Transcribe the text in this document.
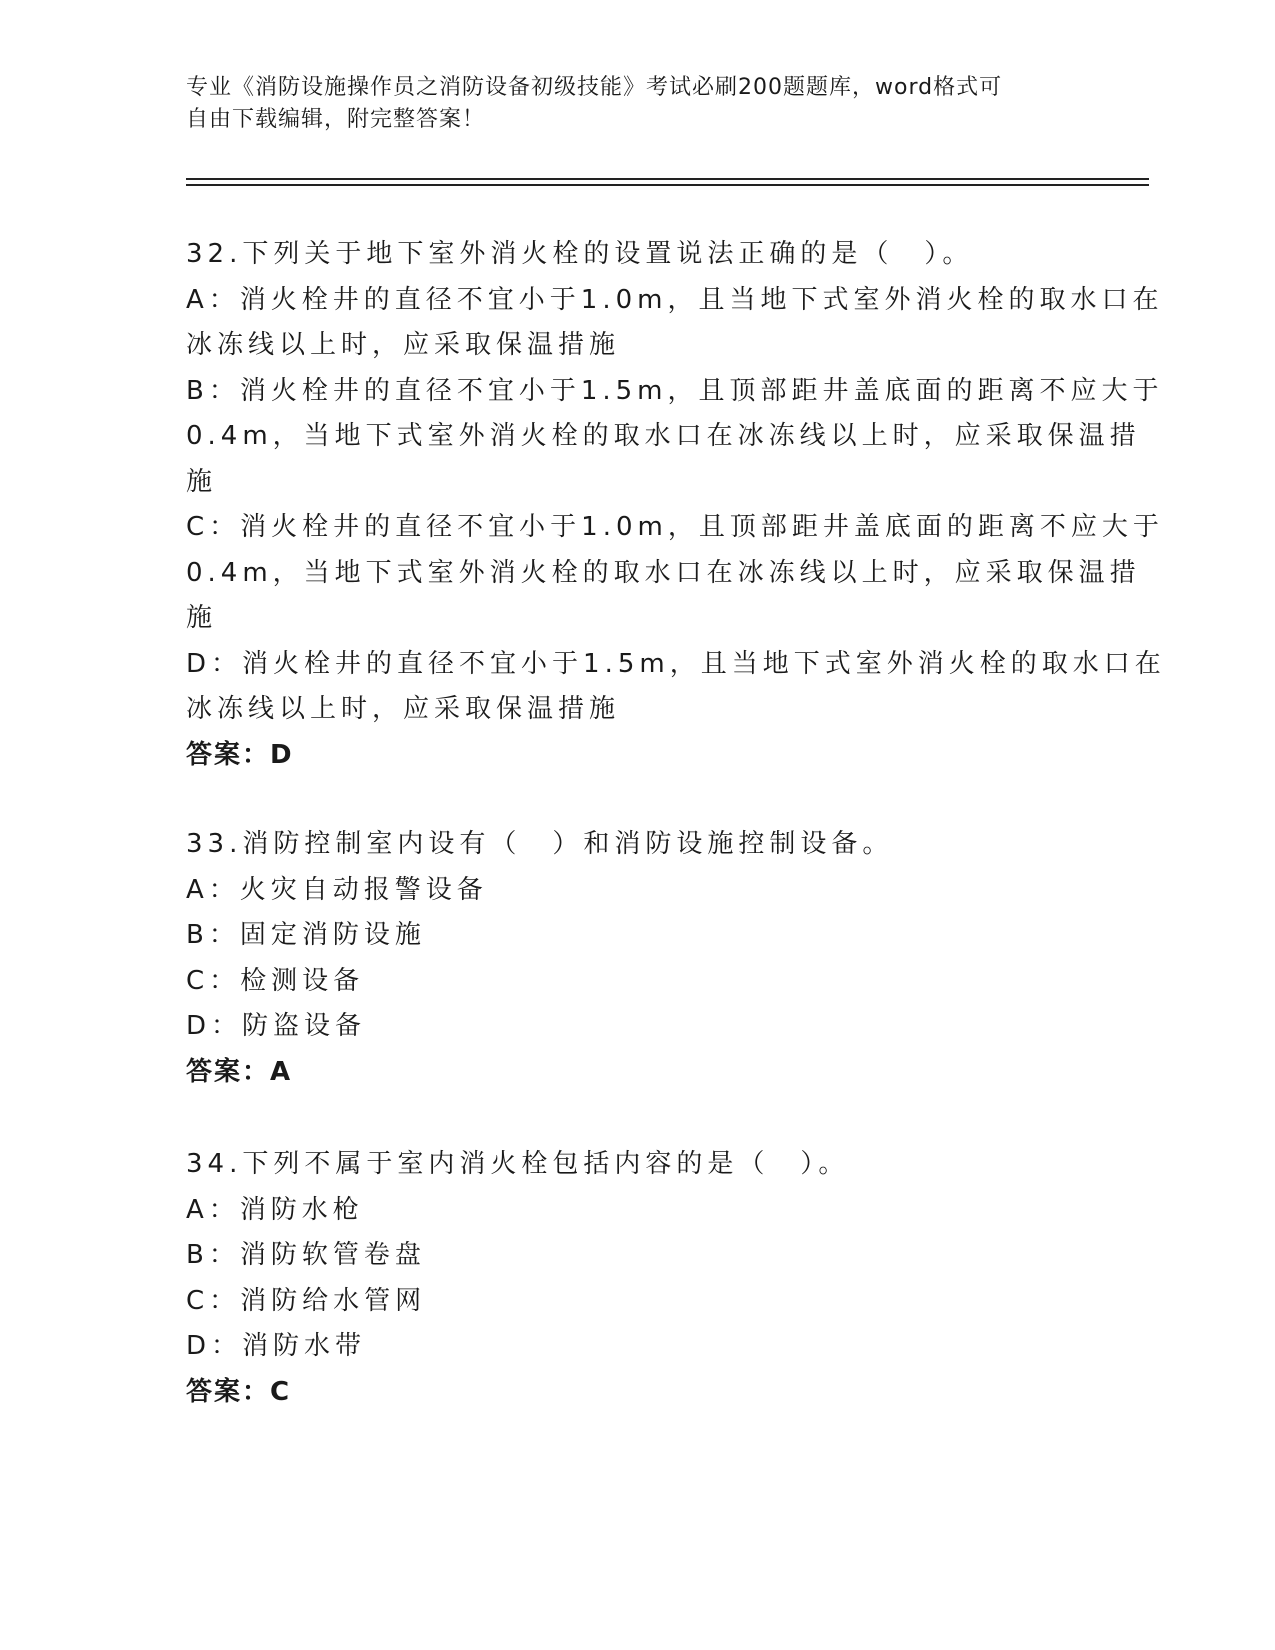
专业《消防设施操作员之消防设备初级技能》考试必刷200题题库，word格式可
自由下载编辑，附完整答案！
32.下列关于地下室外消火栓的设置说法正确的是（　）。
A：消火栓井的直径不宜小于1.0m，且当地下式室外消火栓的取水口在
冰冻线以上时，应采取保温措施
B：消火栓井的直径不宜小于1.5m，且顶部距井盖底面的距离不应大于
0.4m，当地下式室外消火栓的取水口在冰冻线以上时，应采取保温措
施
C：消火栓井的直径不宜小于1.0m，且顶部距井盖底面的距离不应大于
0.4m，当地下式室外消火栓的取水口在冰冻线以上时，应采取保温措
施
D：消火栓井的直径不宜小于1.5m，且当地下式室外消火栓的取水口在
冰冻线以上时，应采取保温措施
答案：D
33.消防控制室内设有（　）和消防设施控制设备。
A：火灾自动报警设备
B：固定消防设施
C：检测设备
D：防盗设备
答案：A
34.下列不属于室内消火栓包括内容的是（　）。
A：消防水枪
B：消防软管卷盘
C：消防给水管网
D：消防水带
答案：C
